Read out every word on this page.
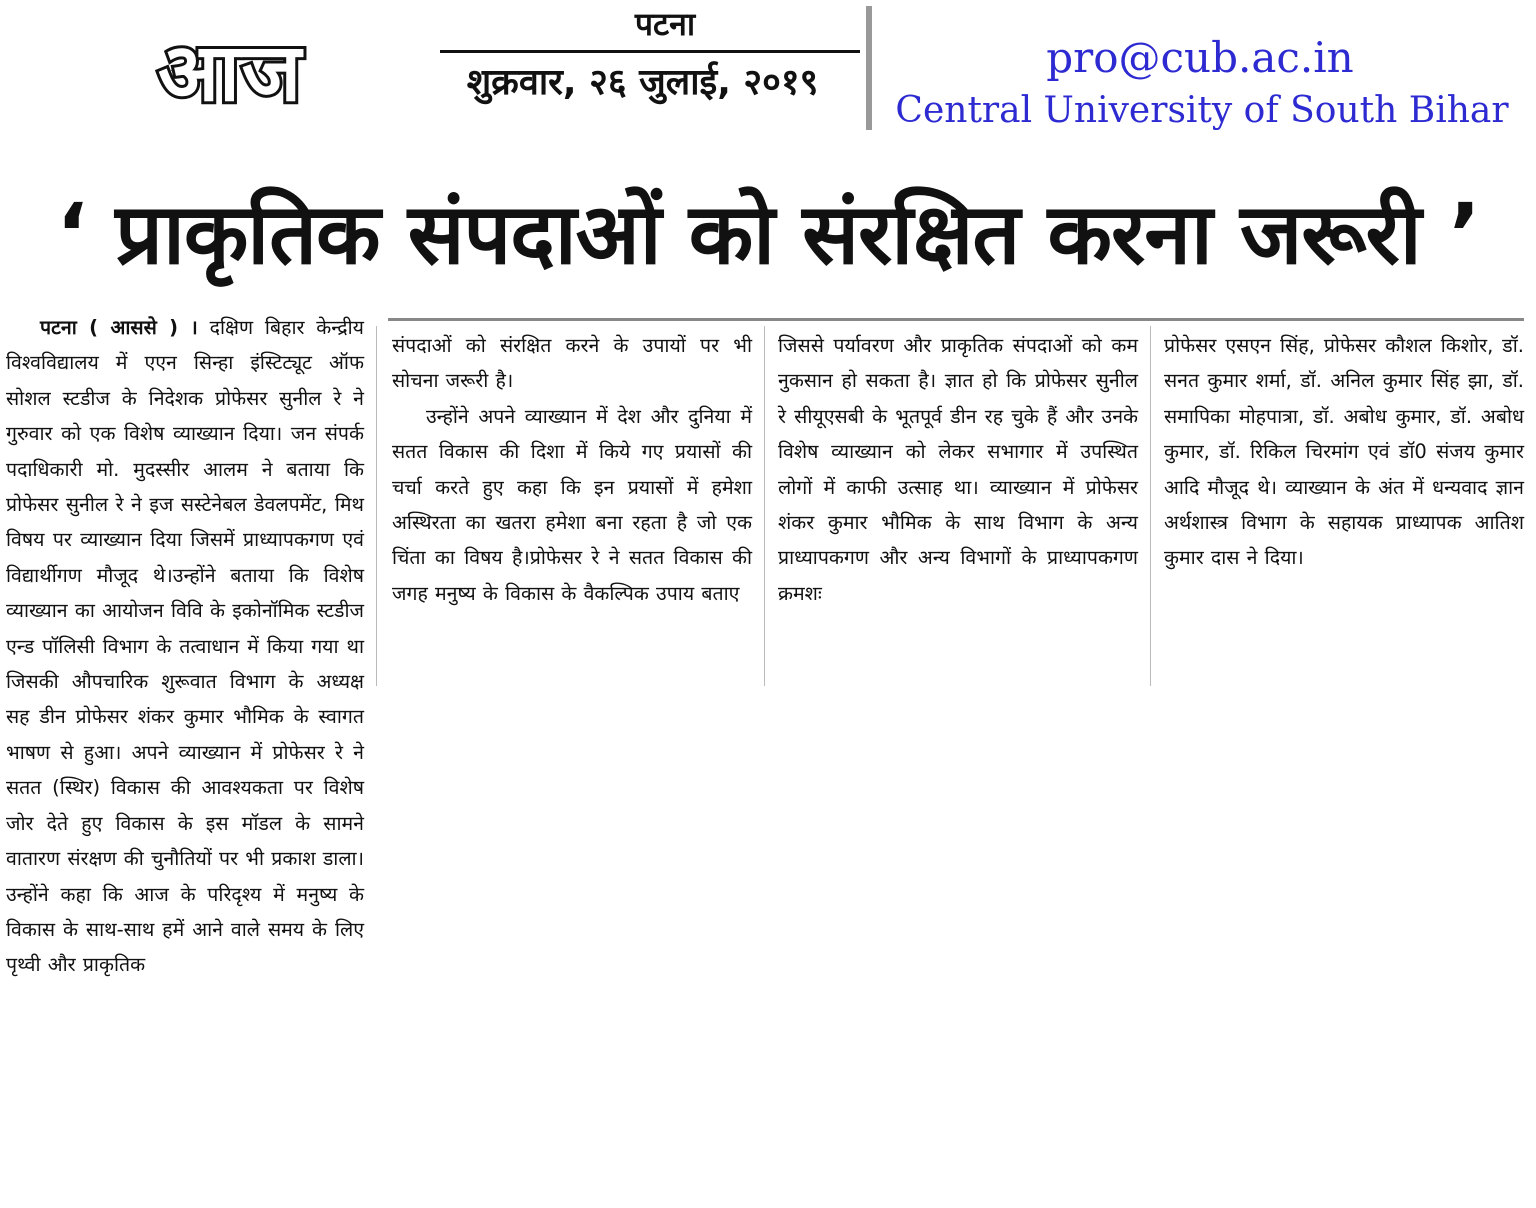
आज
पटना
शुक्रवार, २६ जुलाई, २०१९
pro@cub.ac.in
Central University of South Bihar
‘ प्राकृतिक संपदाओं को संरक्षित करना जरूरी ’

पटना ( आससे ) । दक्षिण बिहार केन्द्रीय विश्वविद्यालय में एएन सिन्हा इंस्टिट्यूट ऑफ सोशल स्टडीज के निदेशक प्रोफेसर सुनील रे ने गुरुवार को एक विशेष व्याख्यान दिया। जन संपर्क पदाधिकारी मो. मुदस्सीर आलम ने बताया कि प्रोफेसर सुनील रे ने इज सस्टेनेबल डेवलपमेंट, मिथ विषय पर व्याख्यान दिया जिसमें प्राध्यापकगण एवं विद्यार्थीगण मौजूद थे।उन्होंने बताया कि विशेष व्याख्यान का आयोजन विवि के इकोनॉमिक स्टडीज एन्ड पॉलिसी विभाग के तत्वाधान में किया गया था जिसकी औपचारिक शुरूवात विभाग के अध्यक्ष सह डीन प्रोफेसर शंकर कुमार भौमिक के स्वागत भाषण से हुआ। अपने व्याख्यान में प्रोफेसर रे ने सतत (स्थिर) विकास की आवश्यकता पर विशेष जोर देते हुए विकास के इस मॉडल के सामने वातारण संरक्षण की चुनौतियों पर भी प्रकाश डाला।उन्होंने कहा कि आज के परिदृश्य में मनुष्य के विकास के साथ-साथ हमें आने वाले समय के लिए पृथ्वी और प्राकृतिक

संपदाओं को संरक्षित करने के उपायों पर भी सोचना जरूरी है।

उन्होंने अपने व्याख्यान में देश और दुनिया में सतत विकास की दिशा में किये गए प्रयासों की चर्चा करते हुए कहा कि इन प्रयासों में हमेशा अस्थिरता का खतरा हमेशा बना रहता है जो एक चिंता का विषय है।प्रोफेसर रे ने सतत विकास की जगह मनुष्य के विकास के वैकल्पिक उपाय बताए

जिससे पर्यावरण और प्राकृतिक संपदाओं को कम नुकसान हो सकता है। ज्ञात हो कि प्रोफेसर सुनील रे सीयूएसबी के भूतपूर्व डीन रह चुके हैं और उनके विशेष व्याख्यान को लेकर सभागार में उपस्थित लोगों में काफी उत्साह था। व्याख्यान में प्रोफेसर शंकर कुमार भौमिक के साथ विभाग के अन्य प्राध्यापकगण और अन्य विभागों के प्राध्यापकगण क्रमशः

प्रोफेसर एसएन सिंह, प्रोफेसर कौशल किशोर, डॉ. सनत कुमार शर्मा, डॉ. अनिल कुमार सिंह झा, डॉ. समापिका मोहपात्रा, डॉ. अबोध कुमार, डॉ. अबोध कुमार, डॉ. रिकिल चिरमांग एवं डॉ0 संजय कुमार आदि मौजूद थे। व्याख्यान के अंत में धन्यवाद ज्ञान अर्थशास्त्र विभाग के सहायक प्राध्यापक आतिश कुमार दास ने दिया।
